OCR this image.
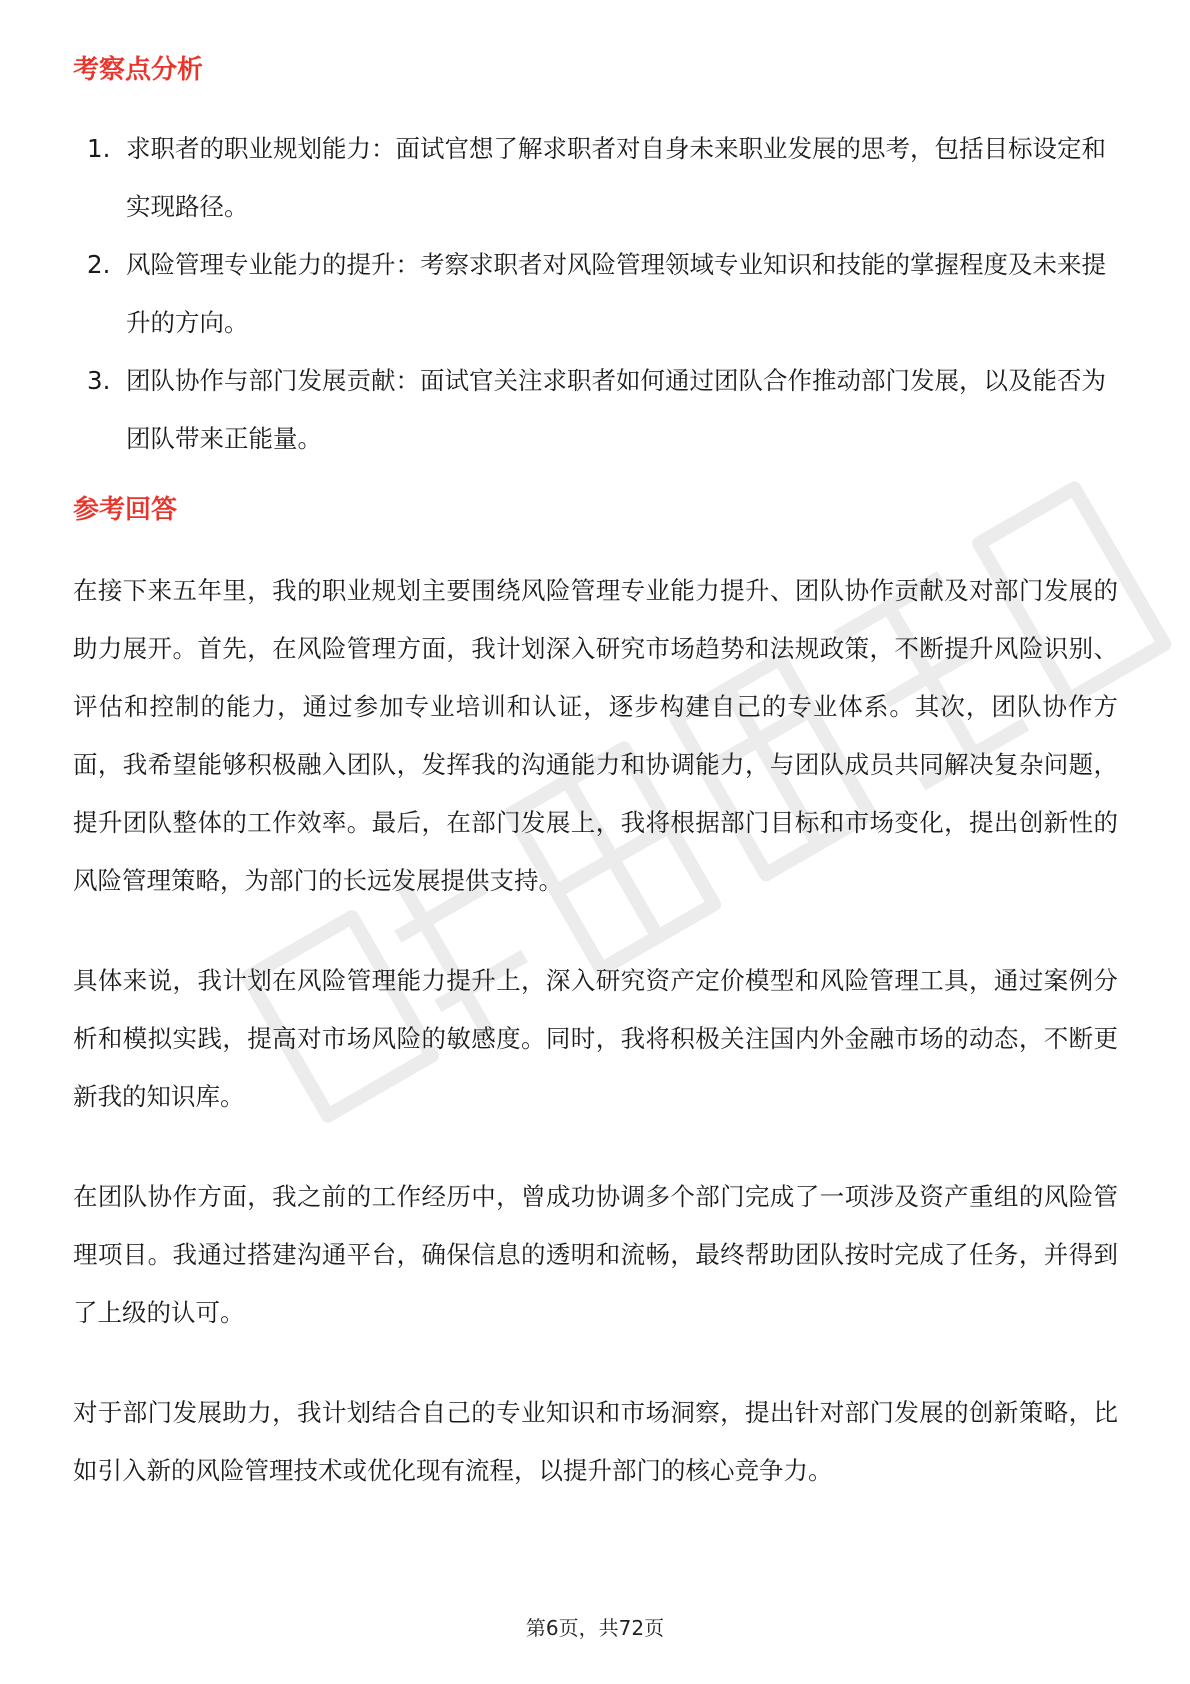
考察点分析
1. 求职者的职业规划能力：面试官想了解求职者对自身未来职业发展的思考，包括目标设定和实现路径。
2. 风险管理专业能力的提升：考察求职者对风险管理领域专业知识和技能的掌握程度及未来提升的方向。
3. 团队协作与部门发展贡献：面试官关注求职者如何通过团队合作推动部门发展，以及能否为团队带来正能量。
参考回答

在接下来五年里，我的职业规划主要围绕风险管理专业能力提升、团队协作贡献及对部门发展的助力展开。首先，在风险管理方面，我计划深入研究市场趋势和法规政策，不断提升风险识别、评估和控制的能力，通过参加专业培训和认证，逐步构建自己的专业体系。其次，团队协作方面，我希望能够积极融入团队，发挥我的沟通能力和协调能力，与团队成员共同解决复杂问题，提升团队整体的工作效率。最后，在部门发展上，我将根据部门目标和市场变化，提出创新性的风险管理策略，为部门的长远发展提供支持。

具体来说，我计划在风险管理能力提升上，深入研究资产定价模型和风险管理工具，通过案例分析和模拟实践，提高对市场风险的敏感度。同时，我将积极关注国内外金融市场的动态，不断更新我的知识库。

在团队协作方面，我之前的工作经历中，曾成功协调多个部门完成了一项涉及资产重组的风险管理项目。我通过搭建沟通平台，确保信息的透明和流畅，最终帮助团队按时完成了任务，并得到了上级的认可。

对于部门发展助力，我计划结合自己的专业知识和市场洞察，提出针对部门发展的创新策略，比如引入新的风险管理技术或优化现有流程，以提升部门的核心竞争力。

第6页，共72页
